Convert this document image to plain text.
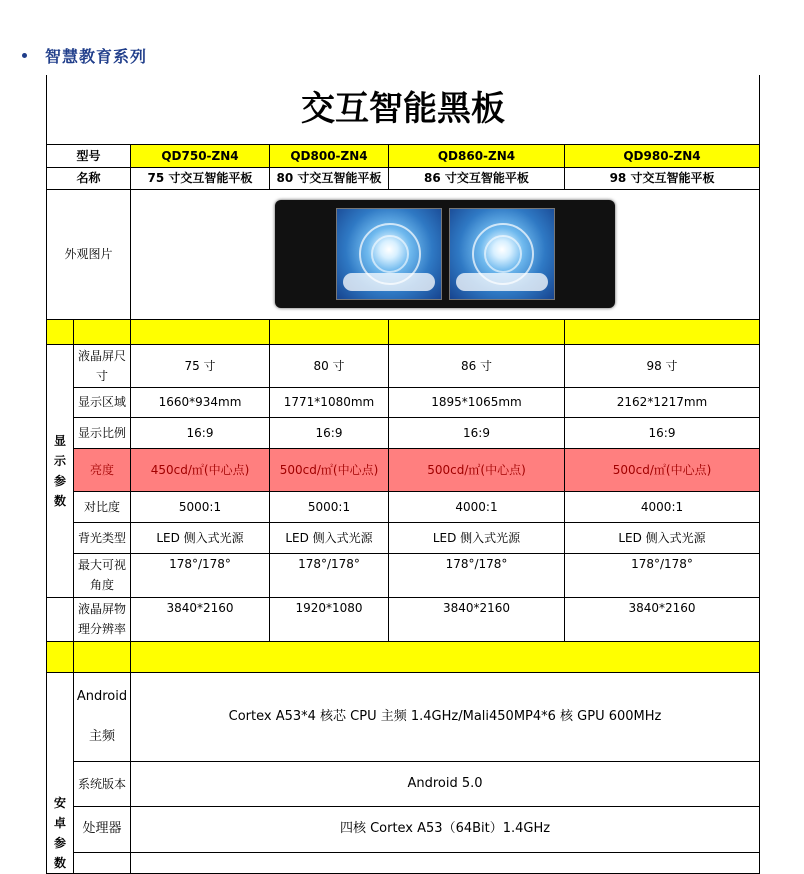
智慧教育系列
交互智能黑板					
型号		QD750-ZN4	QD800-ZN4	QD860-ZN4	QD980-ZN4
名称		75 寸交互智能平板	80 寸交互智能平板	86 寸交互智能平板	98 寸交互智能平板
外观图片					

显示参数	液晶屏尺寸	75 寸	80 寸	86 寸	98 寸
	显示区域	1660*934mm	1771*1080mm	1895*1065mm	2162*1217mm
	显示比例	16:9	16:9	16:9	16:9
	亮度	450cd/㎡(中心点)	500cd/㎡(中心点)	500cd/㎡(中心点)	500cd/㎡(中心点)
	对比度	5000:1	5000:1	4000:1	4000:1
	背光类型	LED 侧入式光源	LED 侧入式光源	LED 侧入式光源	LED 侧入式光源
	最大可视角度	178°/178°	178°/178°	178°/178°	178°/178°
	液晶屏物理分辨率	3840*2160	1920*1080	3840*2160	3840*2160

安卓参数	Android 主频	Cortex A53*4 核芯 CPU 主频 1.4GHz/Mali450MP4*6 核 GPU 600MHz			
	系统版本	Android 5.0			
	处理器	四核 Cortex A53（64Bit）1.4GHz			
